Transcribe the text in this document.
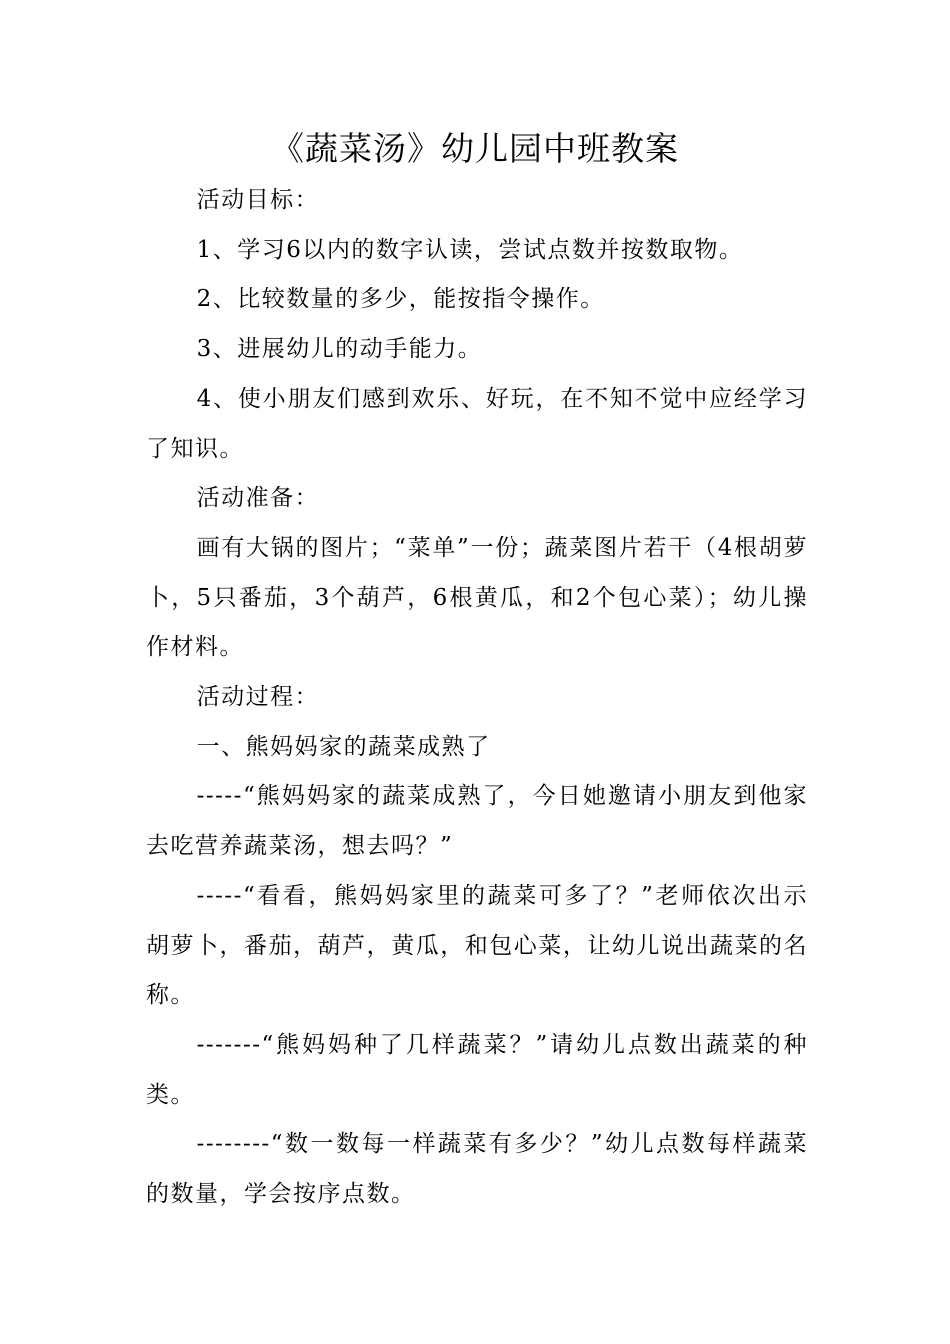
《蔬菜汤》幼儿园中班教案

活动目标：

1、学习6以内的数字认读，尝试点数并按数取物。

2、比较数量的多少，能按指令操作。

3、进展幼儿的动手能力。

4、使小朋友们感到欢乐、好玩，在不知不觉中应经学习了知识。

活动准备：

画有大锅的图片；“菜单”一份；蔬菜图片若干（4根胡萝卜，5只番茄，3个葫芦，6根黄瓜，和2个包心菜）；幼儿操作材料。

活动过程：

一、熊妈妈家的蔬菜成熟了

-----“熊妈妈家的蔬菜成熟了，今日她邀请小朋友到他家去吃营养蔬菜汤，想去吗？”

-----“看看，熊妈妈家里的蔬菜可多了？”老师依次出示胡萝卜，番茄，葫芦，黄瓜，和包心菜，让幼儿说出蔬菜的名称。

-------“熊妈妈种了几样蔬菜？”请幼儿点数出蔬菜的种类。

--------“数一数每一样蔬菜有多少？”幼儿点数每样蔬菜的数量，学会按序点数。
